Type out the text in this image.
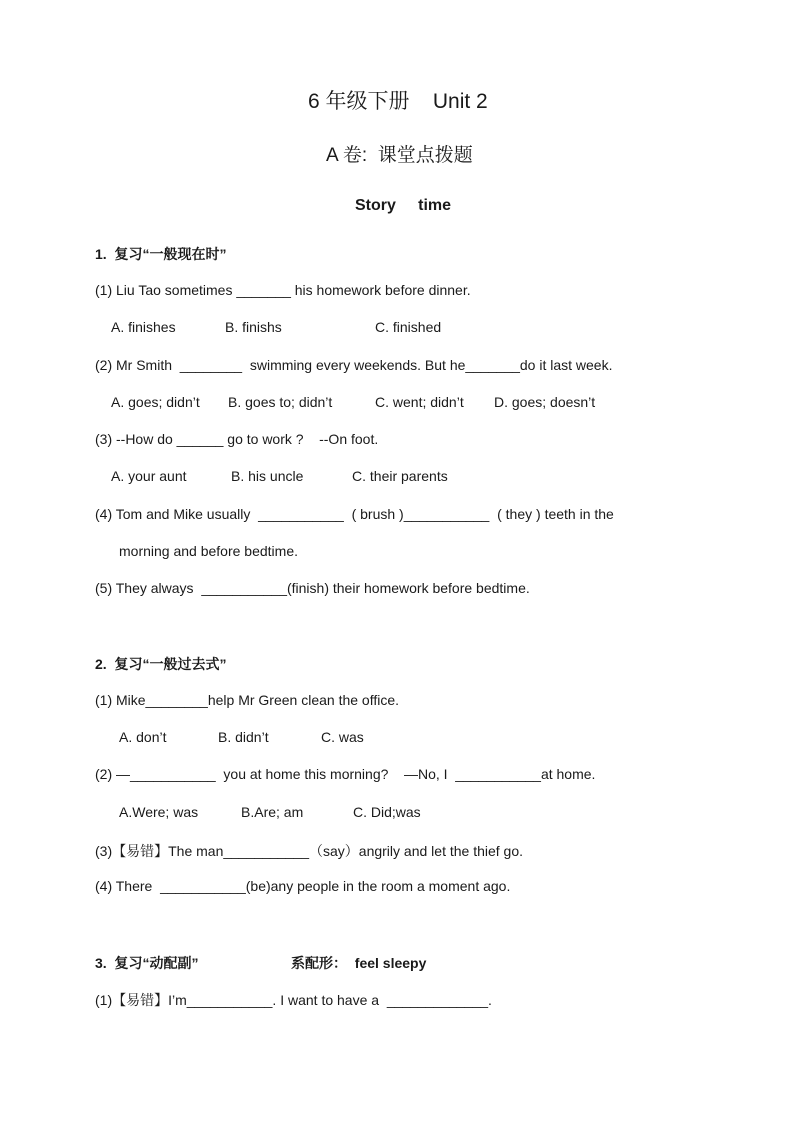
6 年级下册    Unit 2
A 卷:  课堂点拨题
Story     time
1.  复习“一般现在时”
(1) Liu Tao sometimes _______ his homework before dinner.
A. finishes	B. finishs	C. finished
(2) Mr Smith  ________  swimming every weekends. But he_______do it last week.
A. goes; didn’t B. goes to; didn’t	C. went; didn’t D. goes; doesn’t
(3) --How do ______ go to work ?    --On foot.
A. your aunt	B. his uncle	C. their parents
(4) Tom and Mike usually  ___________  ( brush )___________  ( they ) teeth in the
morning and before bedtime.
(5) They always  ___________(finish) their homework before bedtime.
2.  复习“一般过去式”
(1) Mike________help Mr Green clean the office.
A. don’t	B. didn’t	C. was
(2) —___________  you at home this morning?    —No, I  ___________at home.
A.Were; was	B.Are; am	C. Did;was
(3)【易错】The man___________（say）angrily and let the thief go.
(4) There  ___________(be)any people in the room a moment ago.
3.  复习“动配副”	系配形：  feel sleepy
(1)【易错】I’m___________. I want to have a  _____________.
